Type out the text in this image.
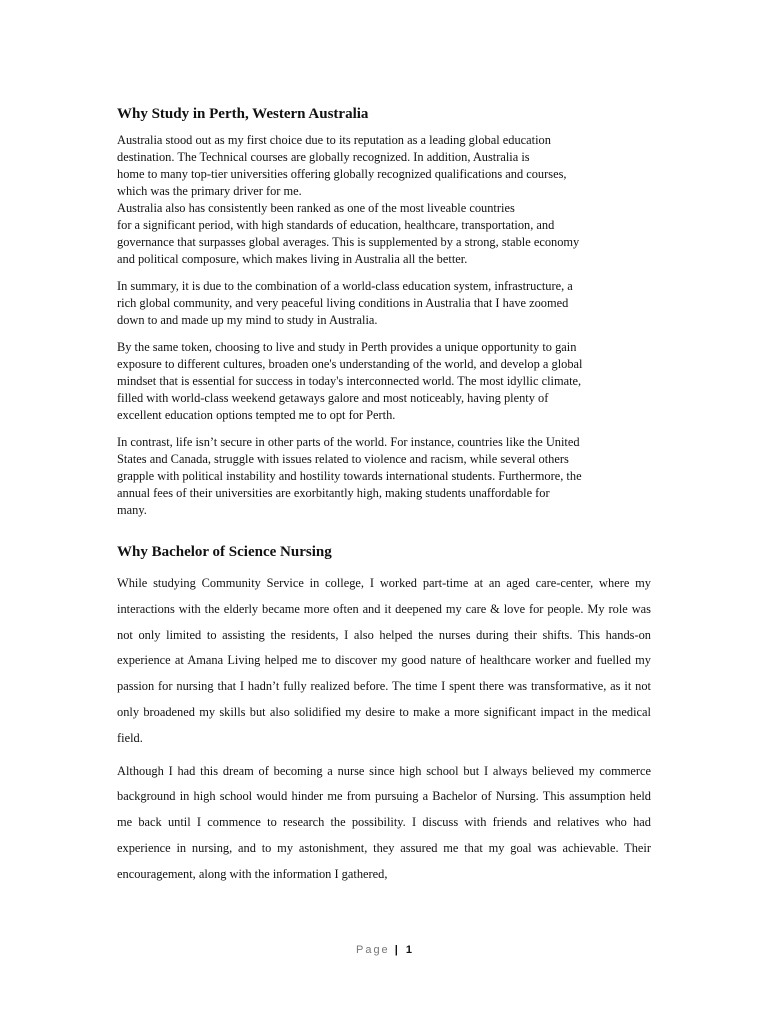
Why Study in Perth, Western Australia

Australia stood out as my first choice due to its reputation as a leading global education
destination. The Technical courses are globally recognized. In addition, Australia is
home to many top-tier universities offering globally recognized qualifications and courses,
which was the primary driver for me.
Australia also has consistently been ranked as one of the most liveable countries
for a significant period, with high standards of education, healthcare, transportation, and
governance that surpasses global averages. This is supplemented by a strong, stable economy
and political composure, which makes living in Australia all the better.

In summary, it is due to the combination of a world-class education system, infrastructure, a
rich global community, and very peaceful living conditions in Australia that I have zoomed
down to and made up my mind to study in Australia.

By the same token, choosing to live and study in Perth provides a unique opportunity to gain
exposure to different cultures, broaden one's understanding of the world, and develop a global
mindset that is essential for success in today's interconnected world. The most idyllic climate,
filled with world-class weekend getaways galore and most noticeably, having plenty of
excellent education options tempted me to opt for Perth.

In contrast, life isn’t secure in other parts of the world. For instance, countries like the United
States and Canada, struggle with issues related to violence and racism, while several others
grapple with political instability and hostility towards international students. Furthermore, the
annual fees of their universities are exorbitantly high, making students unaffordable for
many.

Why Bachelor of Science Nursing

While studying Community Service in college, I worked part-time at an aged care-center, where my interactions with the elderly became more often and it deepened my care & love for people. My role was not only limited to assisting the residents, I also helped the nurses during their shifts. This hands-on experience at Amana Living helped me to discover my good nature of healthcare worker and fuelled my passion for nursing that I hadn’t fully realized before. The time I spent there was transformative, as it not only broadened my skills but also solidified my desire to make a more significant impact in the medical field.

Although I had this dream of becoming a nurse since high school but I always believed my commerce background in high school would hinder me from pursuing a Bachelor of Nursing. This assumption held me back until I commence to research the possibility. I discuss with friends and relatives who had experience in nursing, and to my astonishment, they assured me that my goal was achievable. Their encouragement, along with the information I gathered,

Page | 1
